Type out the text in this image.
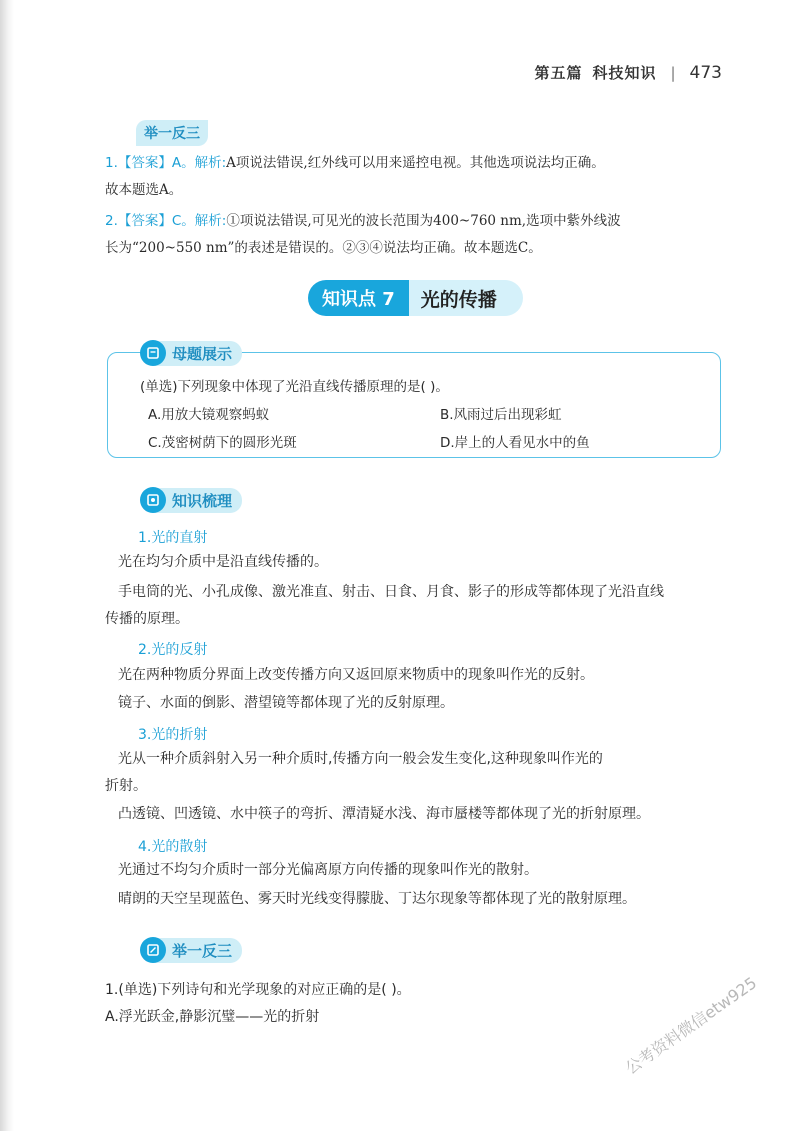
第五篇 科技知识 | 473
举一反三
1.【答案】A。解析:A项说法错误,红外线可以用来遥控电视。其他选项说法均正确。
故本题选A。
2.【答案】C。解析:①项说法错误,可见光的波长范围为400~760 nm,选项中紫外线波
长为“200~550 nm”的表述是错误的。②③④说法均正确。故本题选C。
知识点 7	光的传播
(单选)下列现象中体现了光沿直线传播原理的是( )。
A.用放大镜观察蚂蚁	B.风雨过后出现彩虹
C.茂密树荫下的圆形光斑	D.岸上的人看见水中的鱼
母题展示
知识梳理
1.光的直射
光在均匀介质中是沿直线传播的。
手电筒的光、小孔成像、激光准直、射击、日食、月食、影子的形成等都体现了光沿直线
传播的原理。
2.光的反射
光在两种物质分界面上改变传播方向又返回原来物质中的现象叫作光的反射。
镜子、水面的倒影、潜望镜等都体现了光的反射原理。
3.光的折射
光从一种介质斜射入另一种介质时,传播方向一般会发生变化,这种现象叫作光的
折射。
凸透镜、凹透镜、水中筷子的弯折、潭清疑水浅、海市蜃楼等都体现了光的折射原理。
4.光的散射
光通过不均匀介质时一部分光偏离原方向传播的现象叫作光的散射。
晴朗的天空呈现蓝色、雾天时光线变得朦胧、丁达尔现象等都体现了光的散射原理。
举一反三
1.(单选)下列诗句和光学现象的对应正确的是( )。
A.浮光跃金,静影沉璧——光的折射	公考资料微信etw925
